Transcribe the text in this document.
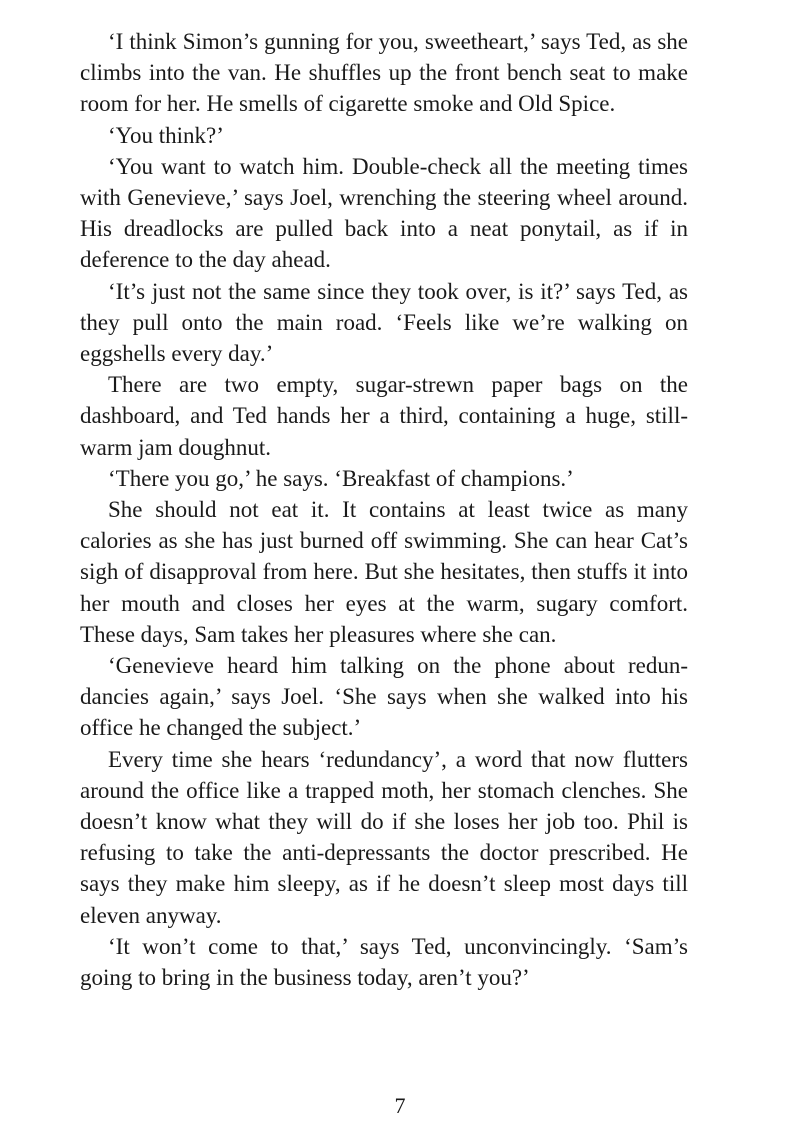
‘I think Simon’s gunning for you, sweetheart,’ says Ted, as she climbs into the van. He shuffles up the front bench seat to make room for her. He smells of cigarette smoke and Old Spice.

‘You think?’

‘You want to watch him. Double-check all the meeting times with Genevieve,’ says Joel, wrenching the steering wheel around. His dreadlocks are pulled back into a neat ponytail, as if in deference to the day ahead.

‘It’s just not the same since they took over, is it?’ says Ted, as they pull onto the main road. ‘Feels like we’re walking on eggshells every day.’

There are two empty, sugar-strewn paper bags on the dashboard, and Ted hands her a third, containing a huge, still-warm jam doughnut.

‘There you go,’ he says. ‘Breakfast of champions.’

She should not eat it. It contains at least twice as many calories as she has just burned off swimming. She can hear Cat’s sigh of disapproval from here. But she hesitates, then stuffs it into her mouth and closes her eyes at the warm, sugary comfort. These days, Sam takes her pleasures where she can.

‘Genevieve heard him talking on the phone about redundancies again,’ says Joel. ‘She says when she walked into his office he changed the subject.’

Every time she hears ‘redundancy’, a word that now flutters around the office like a trapped moth, her stomach clenches. She doesn’t know what they will do if she loses her job too. Phil is refusing to take the anti-depressants the doctor prescribed. He says they make him sleepy, as if he doesn’t sleep most days till eleven anyway.

‘It won’t come to that,’ says Ted, unconvincingly. ‘Sam’s going to bring in the business today, aren’t you?’

7
